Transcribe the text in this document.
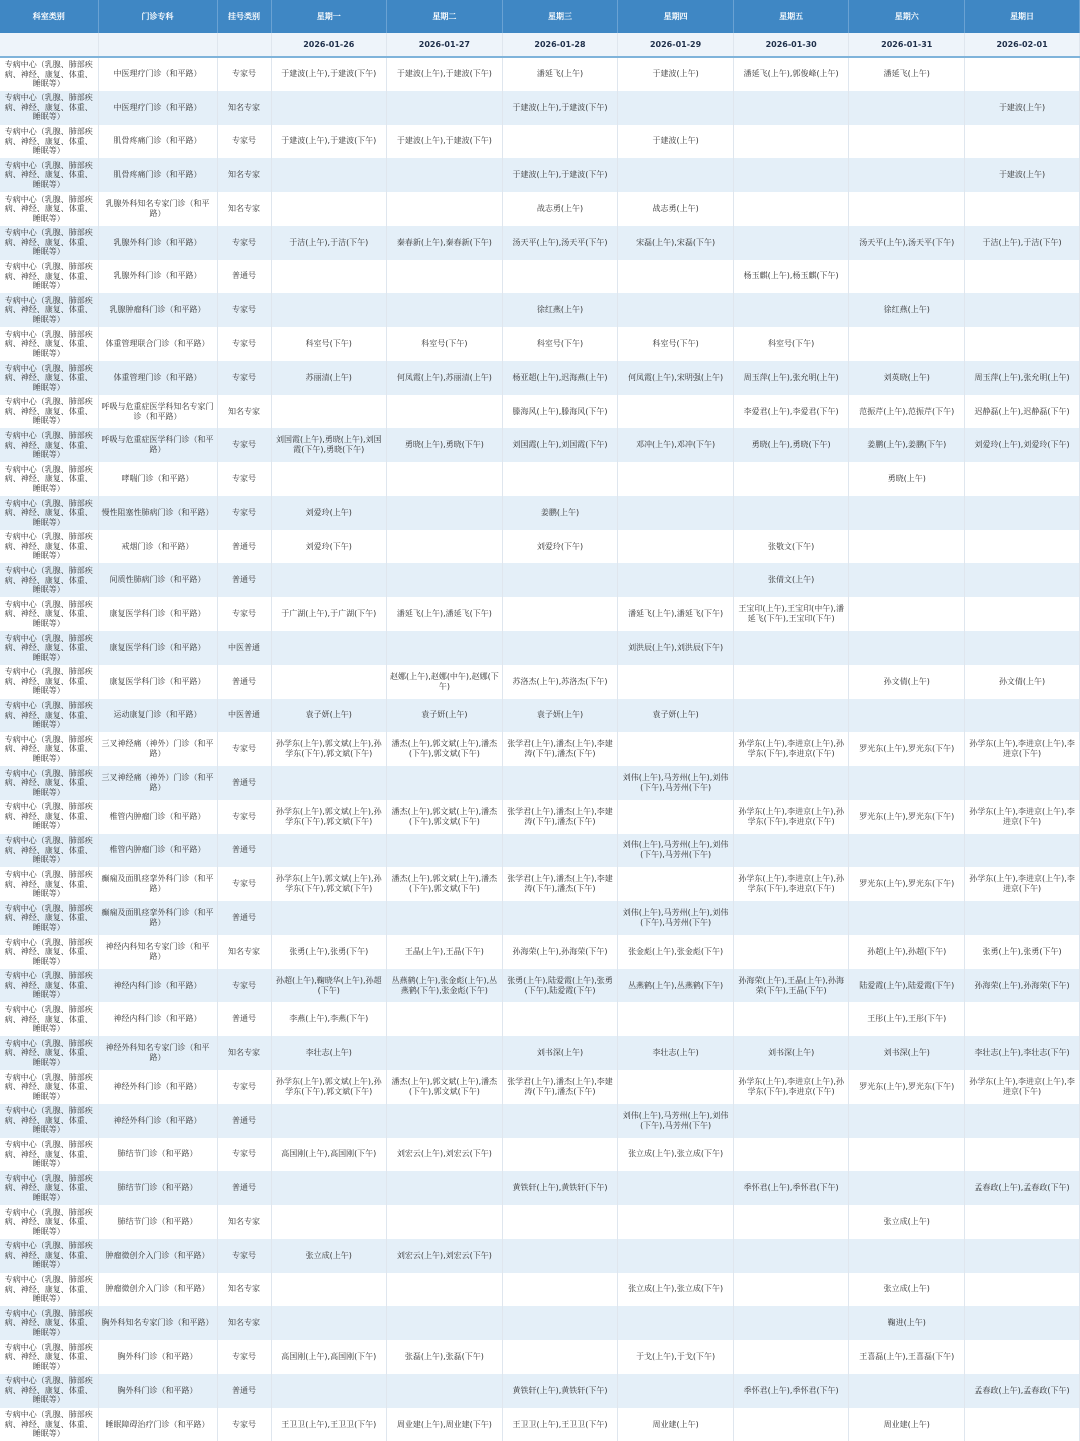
科室类别	门诊专科	挂号类别	星期一	星期二	星期三	星期四	星期五	星期六	星期日
			2026-01-26	2026-01-27	2026-01-28	2026-01-29	2026-01-30	2026-01-31	2026-02-01
专病中心（乳腺、肺部疾病、神经、康复、体重、睡眠等）	中医理疗门诊（和平路）	专家号	于建波(上午),于建波(下午)	于建波(上午),于建波(下午)	潘延飞(上午)	于建波(上午)	潘延飞(上午),郭俊峰(上午)	潘延飞(上午)	
专病中心（乳腺、肺部疾病、神经、康复、体重、睡眠等）	中医理疗门诊（和平路）	知名专家			于建波(上午),于建波(下午)				于建波(上午)
专病中心（乳腺、肺部疾病、神经、康复、体重、睡眠等）	肌骨疼痛门诊（和平路）	专家号	于建波(上午),于建波(下午)	于建波(上午),于建波(下午)		于建波(上午)			
专病中心（乳腺、肺部疾病、神经、康复、体重、睡眠等）	肌骨疼痛门诊（和平路）	知名专家			于建波(上午),于建波(下午)				于建波(上午)
专病中心（乳腺、肺部疾病、神经、康复、体重、睡眠等）	乳腺外科知名专家门诊（和平路）	知名专家			战志勇(上午)	战志勇(上午)			
专病中心（乳腺、肺部疾病、神经、康复、体重、睡眠等）	乳腺外科门诊（和平路）	专家号	于洁(上午),于洁(下午)	秦春新(上午),秦春新(下午)	汤天平(上午),汤天平(下午)	宋磊(上午),宋磊(下午)		汤天平(上午),汤天平(下午)	于洁(上午),于洁(下午)
专病中心（乳腺、肺部疾病、神经、康复、体重、睡眠等）	乳腺外科门诊（和平路）	普通号					杨玉麒(上午),杨玉麒(下午)		
专病中心（乳腺、肺部疾病、神经、康复、体重、睡眠等）	乳腺肿瘤科门诊（和平路）	专家号			徐红燕(上午)			徐红燕(上午)	
专病中心（乳腺、肺部疾病、神经、康复、体重、睡眠等）	体重管理联合门诊（和平路）	专家号	科室号(下午)	科室号(下午)	科室号(下午)	科室号(下午)	科室号(下午)		
专病中心（乳腺、肺部疾病、神经、康复、体重、睡眠等）	体重管理门诊（和平路）	专家号	苏丽清(上午)	何凤霞(上午),苏丽清(上午)	杨亚超(上午),迟海燕(上午)	何凤霞(上午),宋明强(上午)	周玉萍(上午),张允明(上午)	刘英晓(上午)	周玉萍(上午),张允明(上午)
专病中心（乳腺、肺部疾病、神经、康复、体重、睡眠等）	呼吸与危重症医学科知名专家门诊（和平路）	知名专家			滕海风(上午),滕海风(下午)		李爱君(上午),李爱君(下午)	范振芹(上午),范振芹(下午)	迟静磊(上午),迟静磊(下午)
专病中心（乳腺、肺部疾病、神经、康复、体重、睡眠等）	呼吸与危重症医学科门诊（和平路）	专家号	刘国霞(上午),勇晓(上午),刘国霞(下午),勇晓(下午)	勇晓(上午),勇晓(下午)	刘国霞(上午),刘国霞(下午)	邓冲(上午),邓冲(下午)	勇晓(上午),勇晓(下午)	姜鹏(上午),姜鹏(下午)	刘爱玲(上午),刘爱玲(下午)
专病中心（乳腺、肺部疾病、神经、康复、体重、睡眠等）	哮喘门诊（和平路）	专家号						勇晓(上午)	
专病中心（乳腺、肺部疾病、神经、康复、体重、睡眠等）	慢性阻塞性肺病门诊（和平路）	专家号	刘爱玲(上午)		姜鹏(上午)				
专病中心（乳腺、肺部疾病、神经、康复、体重、睡眠等）	戒烟门诊（和平路）	普通号	刘爱玲(下午)		刘爱玲(下午)		张敬文(下午)		
专病中心（乳腺、肺部疾病、神经、康复、体重、睡眠等）	间质性肺病门诊（和平路）	普通号					张倩文(上午)		
专病中心（乳腺、肺部疾病、神经、康复、体重、睡眠等）	康复医学科门诊（和平路）	专家号	于广湖(上午),于广湖(下午)	潘延飞(上午),潘延飞(下午)		潘延飞(上午),潘延飞(下午)	王宝印(上午),王宝印(中午),潘延飞(下午),王宝印(下午)		
专病中心（乳腺、肺部疾病、神经、康复、体重、睡眠等）	康复医学科门诊（和平路）	中医普通				刘洪辰(上午),刘洪辰(下午)			
专病中心（乳腺、肺部疾病、神经、康复、体重、睡眠等）	康复医学科门诊（和平路）	普通号		赵娜(上午),赵娜(中午),赵娜(下午)	苏洛杰(上午),苏洛杰(下午)			孙文倩(上午)	孙文倩(上午)
专病中心（乳腺、肺部疾病、神经、康复、体重、睡眠等）	运动康复门诊（和平路）	中医普通	袁子妍(上午)	袁子妍(上午)	袁子妍(上午)	袁子妍(上午)			
专病中心（乳腺、肺部疾病、神经、康复、体重、睡眠等）	三叉神经痛（神外）门诊（和平路）	专家号	孙学东(上午),郭文斌(上午),孙学东(下午),郭文斌(下午)	潘杰(上午),郭文斌(上午),潘杰(下午),郭文斌(下午)	张学君(上午),潘杰(上午),李建涛(下午),潘杰(下午)		孙学东(上午),李进京(上午),孙学东(下午),李进京(下午)	罗光东(上午),罗光东(下午)	孙学东(上午),李进京(上午),李进京(下午)
专病中心（乳腺、肺部疾病、神经、康复、体重、睡眠等）	三叉神经痛（神外）门诊（和平路）	普通号				刘伟(上午),马芳州(上午),刘伟(下午),马芳州(下午)			
专病中心（乳腺、肺部疾病、神经、康复、体重、睡眠等）	椎管内肿瘤门诊（和平路）	专家号	孙学东(上午),郭文斌(上午),孙学东(下午),郭文斌(下午)	潘杰(上午),郭文斌(上午),潘杰(下午),郭文斌(下午)	张学君(上午),潘杰(上午),李建涛(下午),潘杰(下午)		孙学东(上午),李进京(上午),孙学东(下午),李进京(下午)	罗光东(上午),罗光东(下午)	孙学东(上午),李进京(上午),李进京(下午)
专病中心（乳腺、肺部疾病、神经、康复、体重、睡眠等）	椎管内肿瘤门诊（和平路）	普通号				刘伟(上午),马芳州(上午),刘伟(下午),马芳州(下午)			
专病中心（乳腺、肺部疾病、神经、康复、体重、睡眠等）	癫痫及面肌痉挛外科门诊（和平路）	专家号	孙学东(上午),郭文斌(上午),孙学东(下午),郭文斌(下午)	潘杰(上午),郭文斌(上午),潘杰(下午),郭文斌(下午)	张学君(上午),潘杰(上午),李建涛(下午),潘杰(下午)		孙学东(上午),李进京(上午),孙学东(下午),李进京(下午)	罗光东(上午),罗光东(下午)	孙学东(上午),李进京(上午),李进京(下午)
专病中心（乳腺、肺部疾病、神经、康复、体重、睡眠等）	癫痫及面肌痉挛外科门诊（和平路）	普通号				刘伟(上午),马芳州(上午),刘伟(下午),马芳州(下午)			
专病中心（乳腺、肺部疾病、神经、康复、体重、睡眠等）	神经内科知名专家门诊（和平路）	知名专家	张勇(上午),张勇(下午)	王晶(上午),王晶(下午)	孙海荣(上午),孙海荣(下午)	张金彪(上午),张金彪(下午)		孙超(上午),孙超(下午)	张勇(上午),张勇(下午)
专病中心（乳腺、肺部疾病、神经、康复、体重、睡眠等）	神经内科门诊（和平路）	专家号	孙超(上午),鞠晓华(上午),孙超(下午)	丛燕鹤(上午),张金彪(上午),丛燕鹤(下午),张金彪(下午)	张勇(上午),陆爱霞(上午),张勇(下午),陆爱霞(下午)	丛燕鹤(上午),丛燕鹤(下午)	孙海荣(上午),王晶(上午),孙海荣(下午),王晶(下午)	陆爱霞(上午),陆爱霞(下午)	孙海荣(上午),孙海荣(下午)
专病中心（乳腺、肺部疾病、神经、康复、体重、睡眠等）	神经内科门诊（和平路）	普通号	李燕(上午),李燕(下午)					王彤(上午),王彤(下午)	
专病中心（乳腺、肺部疾病、神经、康复、体重、睡眠等）	神经外科知名专家门诊（和平路）	知名专家	李壮志(上午)		刘书深(上午)	李壮志(上午)	刘书深(上午)	刘书深(上午)	李壮志(上午),李壮志(下午)
专病中心（乳腺、肺部疾病、神经、康复、体重、睡眠等）	神经外科门诊（和平路）	专家号	孙学东(上午),郭文斌(上午),孙学东(下午),郭文斌(下午)	潘杰(上午),郭文斌(上午),潘杰(下午),郭文斌(下午)	张学君(上午),潘杰(上午),李建涛(下午),潘杰(下午)		孙学东(上午),李进京(上午),孙学东(下午),李进京(下午)	罗光东(上午),罗光东(下午)	孙学东(上午),李进京(上午),李进京(下午)
专病中心（乳腺、肺部疾病、神经、康复、体重、睡眠等）	神经外科门诊（和平路）	普通号				刘伟(上午),马芳州(上午),刘伟(下午),马芳州(下午)			
专病中心（乳腺、肺部疾病、神经、康复、体重、睡眠等）	肺结节门诊（和平路）	专家号	高国刚(上午),高国刚(下午)	刘宏云(上午),刘宏云(下午)		张立成(上午),张立成(下午)			
专病中心（乳腺、肺部疾病、神经、康复、体重、睡眠等）	肺结节门诊（和平路）	普通号			黄铁轩(上午),黄铁轩(下午)		季怀君(上午),季怀君(下午)		孟春政(上午),孟春政(下午)
专病中心（乳腺、肺部疾病、神经、康复、体重、睡眠等）	肺结节门诊（和平路）	知名专家						张立成(上午)	
专病中心（乳腺、肺部疾病、神经、康复、体重、睡眠等）	肿瘤微创介入门诊（和平路）	专家号	张立成(上午)	刘宏云(上午),刘宏云(下午)					
专病中心（乳腺、肺部疾病、神经、康复、体重、睡眠等）	肿瘤微创介入门诊（和平路）	知名专家				张立成(上午),张立成(下午)		张立成(上午)	
专病中心（乳腺、肺部疾病、神经、康复、体重、睡眠等）	胸外科知名专家门诊（和平路）	知名专家						鞠进(上午)	
专病中心（乳腺、肺部疾病、神经、康复、体重、睡眠等）	胸外科门诊（和平路）	专家号	高国刚(上午),高国刚(下午)	张磊(上午),张磊(下午)		于戈(上午),于戈(下午)		王喜磊(上午),王喜磊(下午)	
专病中心（乳腺、肺部疾病、神经、康复、体重、睡眠等）	胸外科门诊（和平路）	普通号			黄铁轩(上午),黄铁轩(下午)		季怀君(上午),季怀君(下午)		孟春政(上午),孟春政(下午)
专病中心（乳腺、肺部疾病、神经、康复、体重、睡眠等）	睡眠障碍治疗门诊（和平路）	专家号	王卫卫(上午),王卫卫(下午)	周业建(上午),周业建(下午)	王卫卫(上午),王卫卫(下午)	周业建(上午)		周业建(上午)	
